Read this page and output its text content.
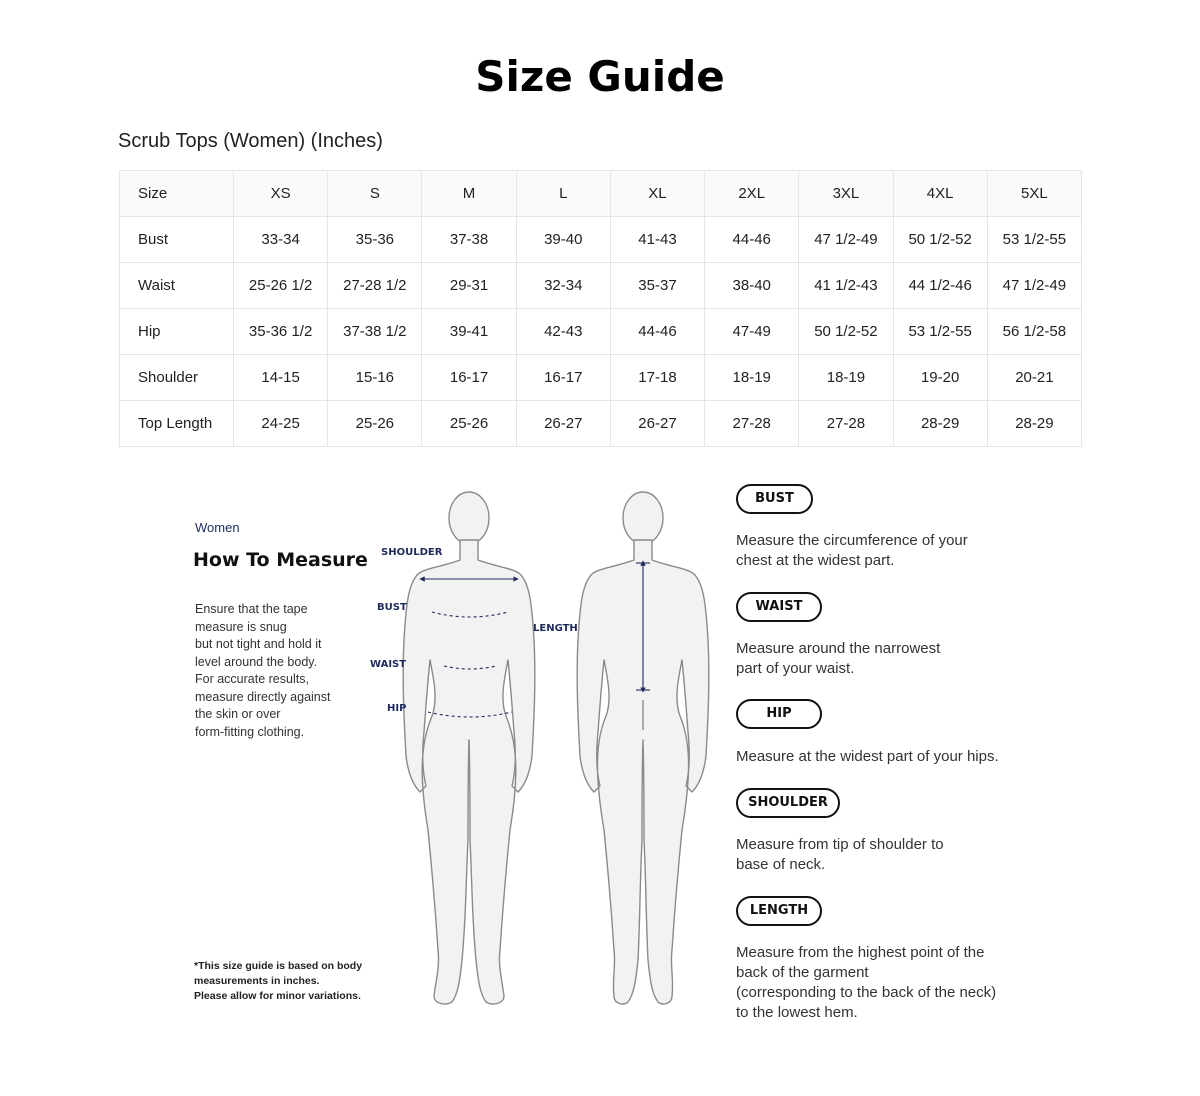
Size Guide
Scrub Tops (Women) (Inches)
Size	XS	S	M	L	XL	2XL	3XL	4XL	5XL
Bust	33-34	35-36	37-38	39-40	41-43	44-46	47 1/2-49	50 1/2-52	53 1/2-55
Waist	25-26 1/2	27-28 1/2	29-31	32-34	35-37	38-40	41 1/2-43	44 1/2-46	47 1/2-49
Hip	35-36 1/2	37-38 1/2	39-41	42-43	44-46	47-49	50 1/2-52	53 1/2-55	56 1/2-58
Shoulder	14-15	15-16	16-17	16-17	17-18	18-19	18-19	19-20	20-21
Top Length	24-25	25-26	25-26	26-27	26-27	27-28	27-28	28-29	28-29
Women
How To Measure
Ensure that the tape
measure is snug
but not tight and hold it
level around the body.
For accurate results,
measure directly against
the skin or over
form-fitting clothing.
*This size guide is based on body
measurements in inches.
Please allow for minor variations.
SHOULDER
BUST
WAIST
HIP
LENGTH
BUST
Measure the circumference of your
chest at the widest part.
WAIST
Measure around the narrowest
part of your waist.
HIP
Measure at the widest part of your hips.
SHOULDER
Measure from tip of shoulder to
base of neck.
LENGTH
Measure from the highest point of the
back of the garment
(corresponding to the back of the neck)
to the lowest hem.
